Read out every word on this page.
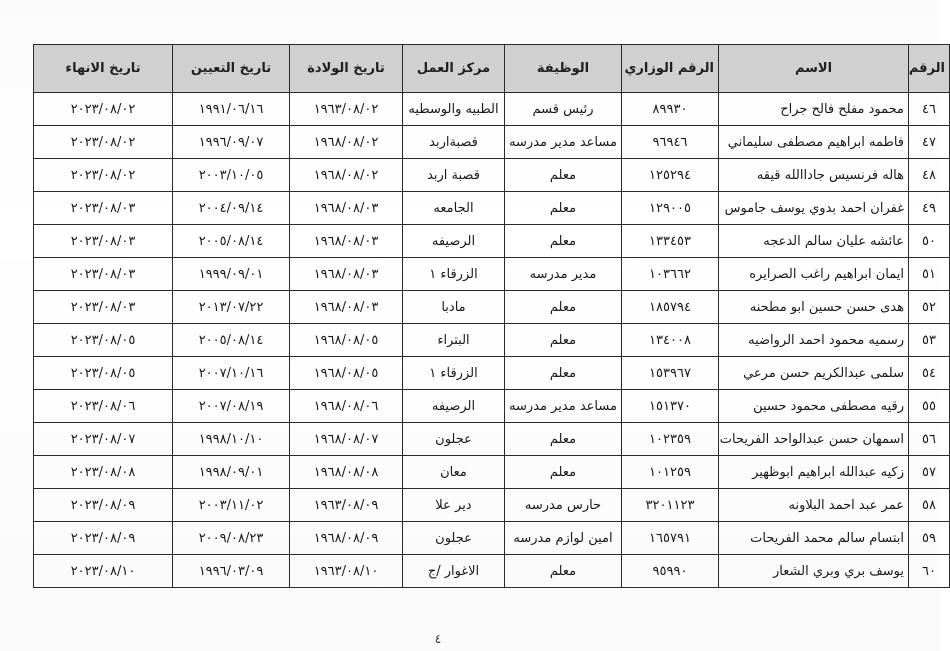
الرقم	الاسم	الرقم الوزاري	الوظيفة	مركز العمل	تاريخ الولادة	تاريخ التعيين	تاريخ الانهاء
٤٦	محمود مفلح فالح جراح	٨٩٩٣٠	رئيس قسم	الطبيه والوسطيه	١٩٦٣/٠٨/٠٢	١٩٩١/٠٦/١٦	٢٠٢٣/٠٨/٠٢
٤٧	فاطمه ابراهيم مصطفى سليماني	٩٦٩٤٦	مساعد مدير مدرسه	قصبةاربد	١٩٦٨/٠٨/٠٢	١٩٩٦/٠٩/٠٧	٢٠٢٣/٠٨/٠٢
٤٨	هاله فرنسيس جاداالله قيقه	١٢٥٢٩٤	معلم	قصبة اربد	١٩٦٨/٠٨/٠٢	٢٠٠٣/١٠/٠٥	٢٠٢٣/٠٨/٠٢
٤٩	غفران احمد بدوي يوسف جاموس	١٢٩٠٠٥	معلم	الجامعه	١٩٦٨/٠٨/٠٣	٢٠٠٤/٠٩/١٤	٢٠٢٣/٠٨/٠٣
٥٠	عائشه عليان سالم الدعجه	١٣٣٤٥٣	معلم	الرصيفه	١٩٦٨/٠٨/٠٣	٢٠٠٥/٠٨/١٤	٢٠٢٣/٠٨/٠٣
٥١	ايمان ابراهيم راغب الصرايره	١٠٣٦٦٢	مدير مدرسه	الزرقاء ١	١٩٦٨/٠٨/٠٣	١٩٩٩/٠٩/٠١	٢٠٢٣/٠٨/٠٣
٥٢	هدى حسن حسين ابو مطحنه	١٨٥٧٩٤	معلم	مادبا	١٩٦٨/٠٨/٠٣	٢٠١٣/٠٧/٢٢	٢٠٢٣/٠٨/٠٣
٥٣	رسميه محمود احمد الرواضيه	١٣٤٠٠٨	معلم	البتراء	١٩٦٨/٠٨/٠٥	٢٠٠٥/٠٨/١٤	٢٠٢٣/٠٨/٠٥
٥٤	سلمى عبدالكريم حسن مرعي	١٥٣٩٦٧	معلم	الزرقاء ١	١٩٦٨/٠٨/٠٥	٢٠٠٧/١٠/١٦	٢٠٢٣/٠٨/٠٥
٥٥	رقيه مصطفى محمود حسين	١٥١٣٧٠	مساعد مدير مدرسه	الرصيفه	١٩٦٨/٠٨/٠٦	٢٠٠٧/٠٨/١٩	٢٠٢٣/٠٨/٠٦
٥٦	اسمهان حسن عبدالواحد الفريحات	١٠٢٣٥٩	معلم	عجلون	١٩٦٨/٠٨/٠٧	١٩٩٨/١٠/١٠	٢٠٢٣/٠٨/٠٧
٥٧	زكيه عبدالله ابراهيم ابوظهير	١٠١٢٥٩	معلم	معان	١٩٦٨/٠٨/٠٨	١٩٩٨/٠٩/٠١	٢٠٢٣/٠٨/٠٨
٥٨	عمر عبد احمد البلاونه	٣٢٠١١٢٣	حارس مدرسه	دير علا	١٩٦٣/٠٨/٠٩	٢٠٠٣/١١/٠٢	٢٠٢٣/٠٨/٠٩
٥٩	ابتسام سالم محمد الفريحات	١٦٥٧٩١	امين لوازم مدرسه	عجلون	١٩٦٨/٠٨/٠٩	٢٠٠٩/٠٨/٢٣	٢٠٢٣/٠٨/٠٩
٦٠	يوسف بري وبري الشعار	٩٥٩٩٠	معلم	الاغوار /ج	١٩٦٣/٠٨/١٠	١٩٩٦/٠٣/٠٩	٢٠٢٣/٠٨/١٠
٤
